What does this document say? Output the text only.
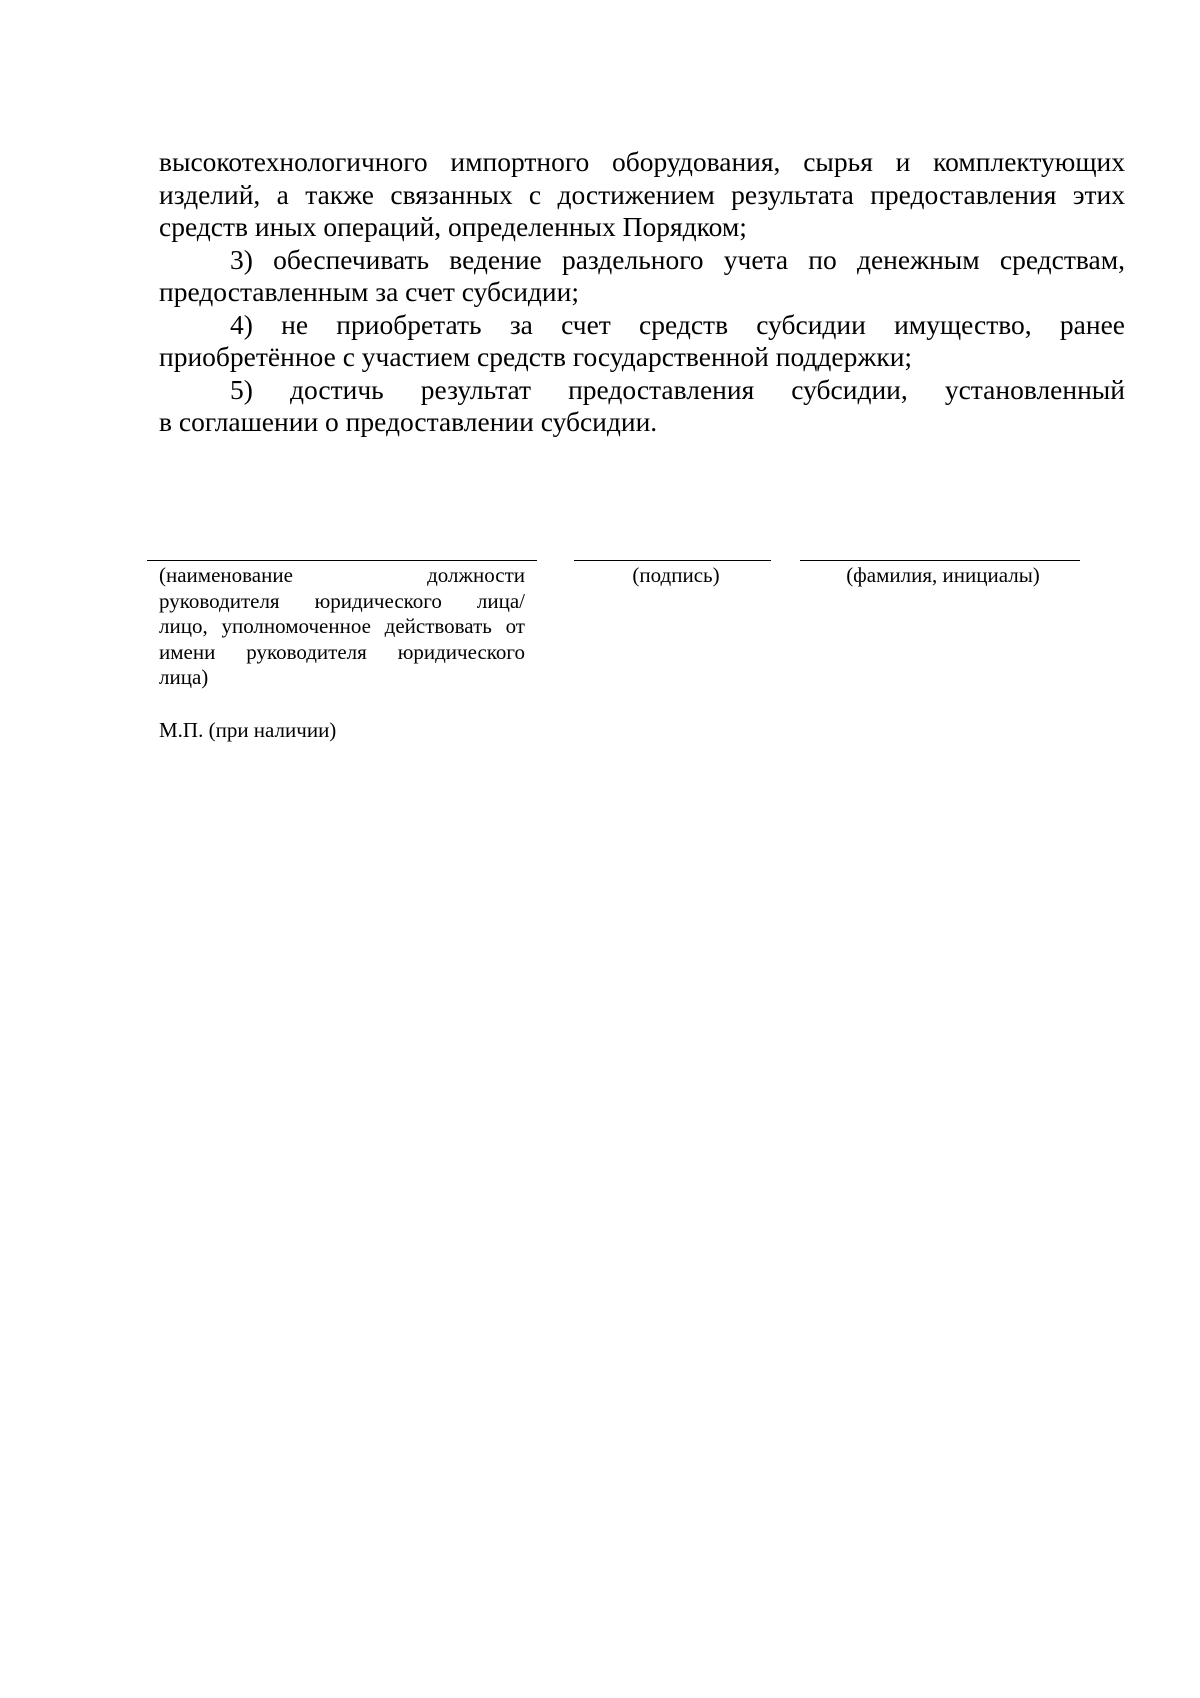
высокотехнологичного импортного оборудования, сырья и комплектующих

изделий, а также связанных с достижением результата предоставления этих

средств иных операций, определенных Порядком;

3) обеспечивать ведение раздельного учета по денежным средствам,

предоставленным за счет субсидии;

4) не приобретать за счет средств субсидии имущество, ранее

приобретённое с участием средств государственной поддержки;

5) достичь результат предоставления субсидии, установленный

в соглашении о предоставлении субсидии.

(наименование должности
руководителя юридического лица/
лицо, уполномоченное действовать от
имени руководителя юридического
лица)
(подпись)	(фамилия, инициалы)
М.П. (при наличии)
